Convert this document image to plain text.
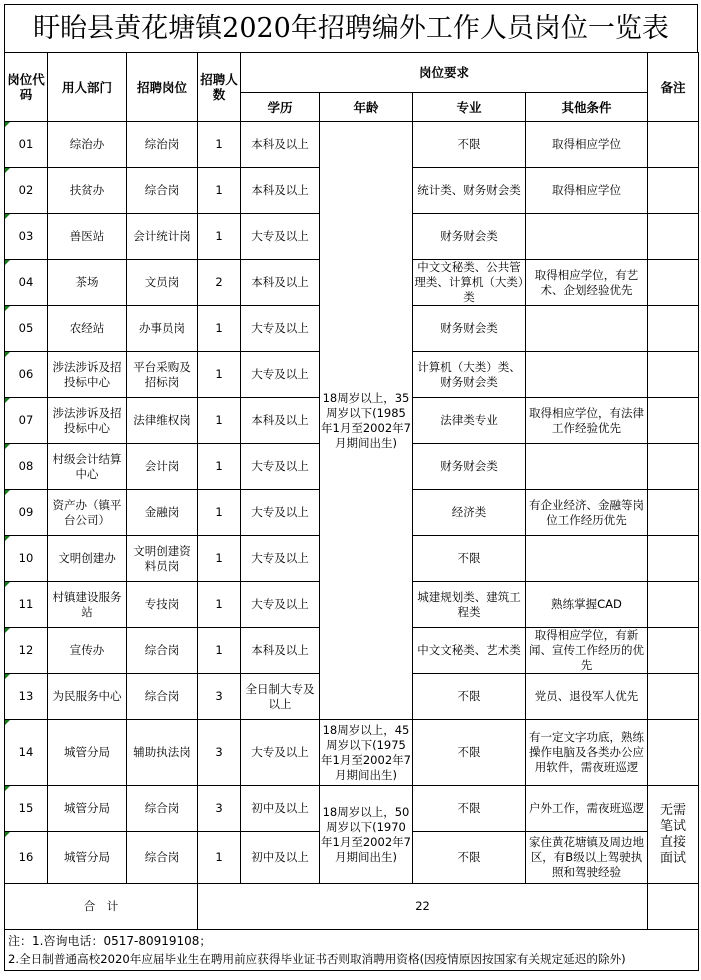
盱眙县黄花塘镇2020年招聘编外工作人员岗位一览表
岗位代码	用人部门	招聘岗位	招聘人数	岗位要求				备注
				学历	年龄	专业	其他条件	
01	综治办	综治岗	1	本科及以上	18周岁以上，35周岁以下(1985年1月至2002年7月期间出生)	不限	取得相应学位	
02	扶贫办	综合岗	1	本科及以上		统计类、财务财会类	取得相应学位	
03	兽医站	会计统计岗	1	大专及以上		财务财会类		
04	茶场	文员岗	2	本科及以上		中文文秘类、公共管理类、计算机（大类）类	取得相应学位，有艺术、企划经验优先	
05	农经站	办事员岗	1	大专及以上		财务财会类		
06	涉法涉诉及招投标中心	平台采购及招标岗	1	大专及以上		计算机（大类）类、财务财会类		
07	涉法涉诉及招投标中心	法律维权岗	1	本科及以上		法律类专业	取得相应学位，有法律工作经验优先	
08	村级会计结算中心	会计岗	1	大专及以上		财务财会类		
09	资产办（镇平台公司）	金融岗	1	大专及以上		经济类	有企业经济、金融等岗位工作经历优先	
10	文明创建办	文明创建资料员岗	1	大专及以上		不限		
11	村镇建设服务站	专技岗	1	大专及以上		城建规划类、建筑工程类	熟练掌握CAD	
12	宣传办	综合岗	1	本科及以上		中文文秘类、艺术类	取得相应学位，有新闻、宣传工作经历的优先	
13	为民服务中心	综合岗	3	全日制大专及以上		不限	党员、退役军人优先	
14	城管分局	辅助执法岗	3	大专及以上	18周岁以上，45周岁以下(1975年1月至2002年7月期间出生)	不限	有一定文字功底，熟练操作电脑及各类办公应用软件，需夜班巡逻	
15	城管分局	综合岗	3	初中及以上	18周岁以上，50周岁以下(1970年1月至2002年7月期间出生)	不限	户外工作，需夜班巡逻	无需笔试直接面试
16	城管分局	综合岗	1	初中及以上		不限	家住黄花塘镇及周边地区，有B级以上驾驶执照和驾驶经验	
合　计			22					

注：1.咨询电话：0517-80919108；
2.全日制普通高校2020年应届毕业生在聘用前应获得毕业证书否则取消聘用资格(因疫情原因按国家有关规定延迟的除外)								
